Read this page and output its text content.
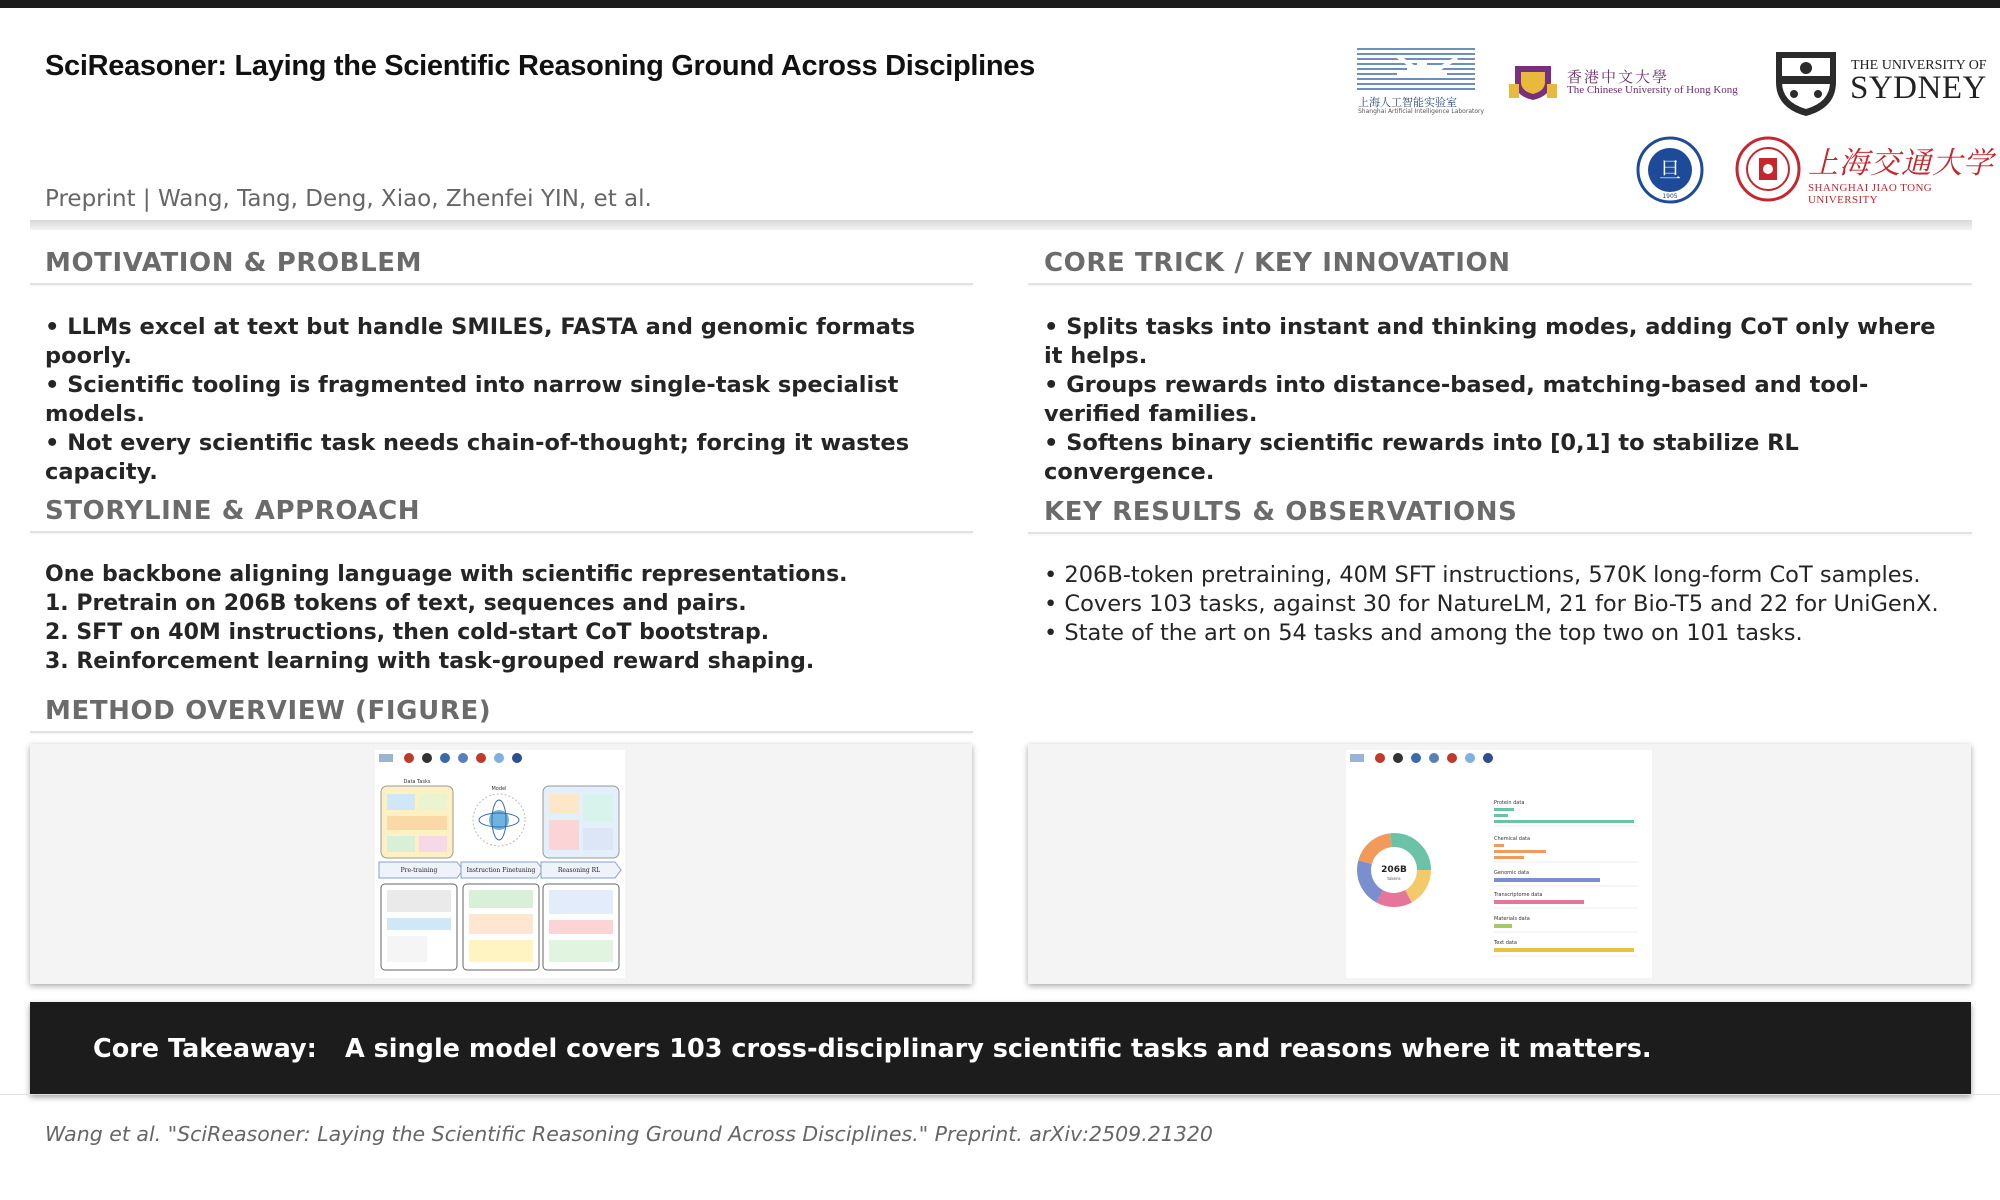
SciReasoner: Laying the Scientific Reasoning Ground Across Disciplines
Preprint | Wang, Tang, Deng, Xiao, Zhenfei YIN, et al.
上海人工智能实验室
Shanghai Artificial Intelligence Laboratory
香港中文大學
The Chinese University of Hong Kong
THE UNIVERSITY OF
SYDNEY
旦
1905
上海交通大学
SHANGHAI JIAO TONG UNIVERSITY
MOTIVATION & PROBLEM
• LLMs excel at text but handle SMILES, FASTA and genomic formats poorly.
• Scientific tooling is fragmented into narrow single-task specialist models.
• Not every scientific task needs chain-of-thought; forcing it wastes capacity.
CORE TRICK / KEY INNOVATION
• Splits tasks into instant and thinking modes, adding CoT only where it helps.
• Groups rewards into distance-based, matching-based and tool-verified families.
• Softens binary scientific rewards into [0,1] to stabilize RL convergence.
STORYLINE & APPROACH
One backbone aligning language with scientific representations.
1. Pretrain on 206B tokens of text, sequences and pairs.
2. SFT on 40M instructions, then cold-start CoT bootstrap.
3. Reinforcement learning with task-grouped reward shaping.
KEY RESULTS & OBSERVATIONS
• 206B-token pretraining, 40M SFT instructions, 570K long-form CoT samples.
• Covers 103 tasks, against 30 for NatureLM, 21 for Bio-T5 and 22 for UniGenX.
• State of the art on 54 tasks and among the top two on 101 tasks.
METHOD OVERVIEW (FIGURE)
Data Tasks
Model
Pre-training	Instruction Finetuning	Reasoning RL	206B
tokens
Protein data
Chemical data
Genomic data
Transcriptome data
Materials data
Text data
Core Takeaway: A single model covers 103 cross-disciplinary scientific tasks and reasons where it matters.
Wang et al. "SciReasoner: Laying the Scientific Reasoning Ground Across Disciplines." Preprint. arXiv:2509.21320
